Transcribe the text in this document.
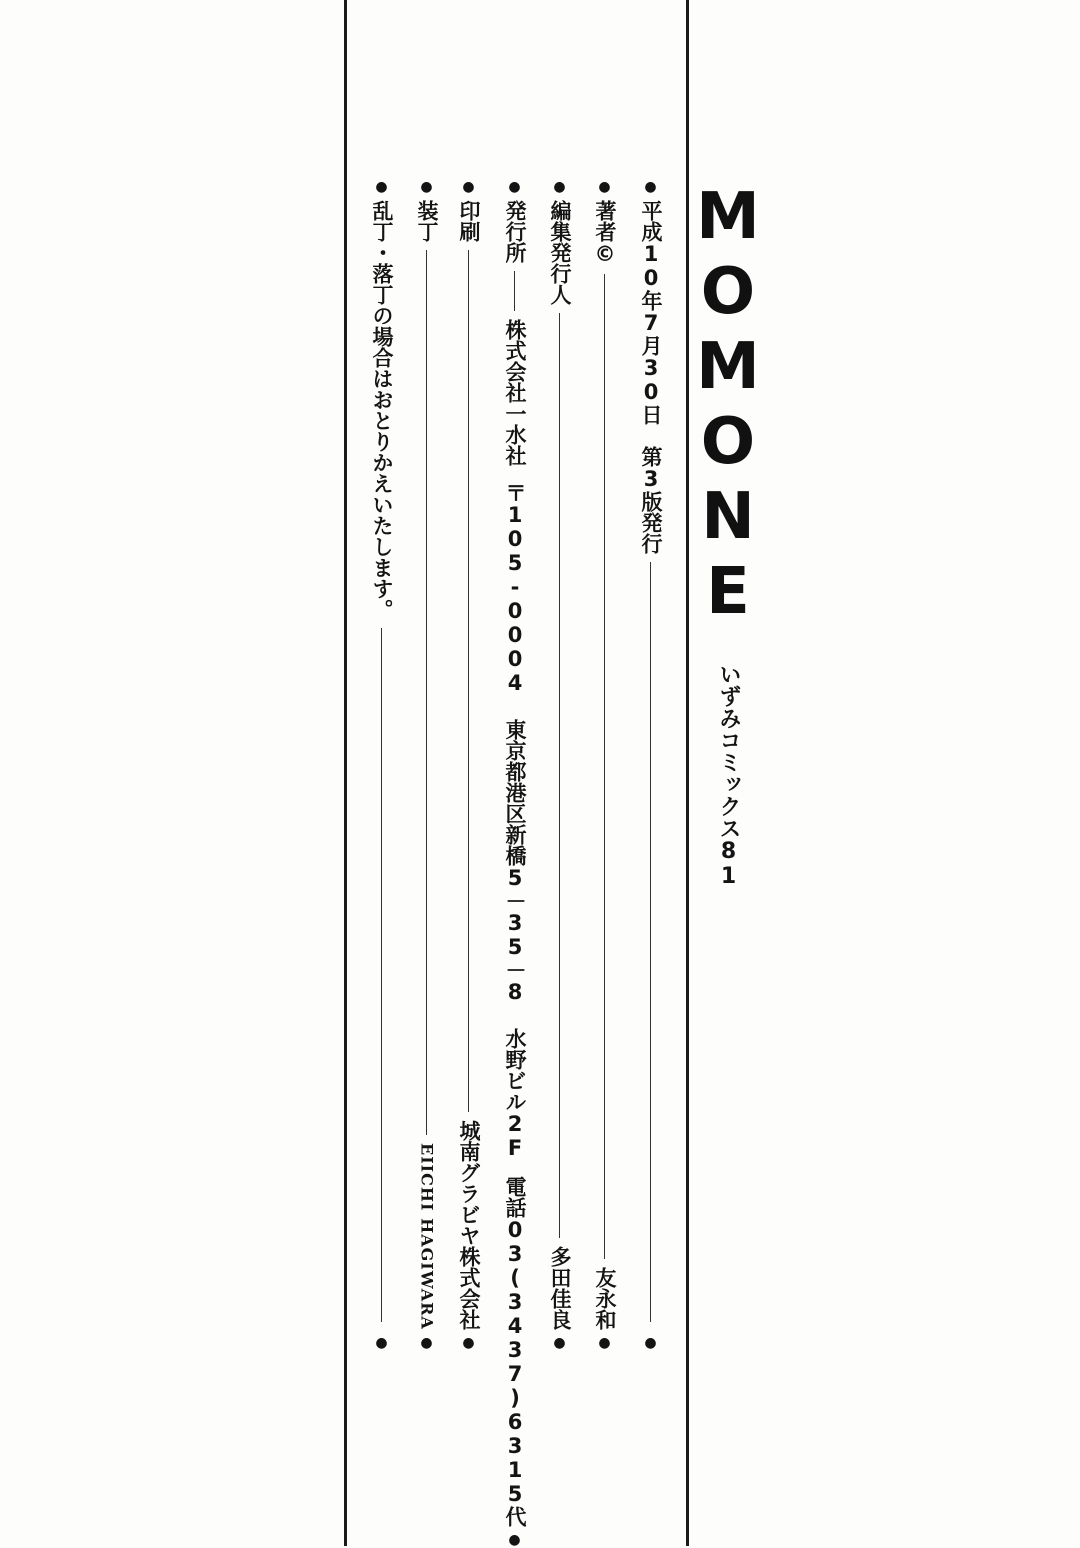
MOMONE いずみコミックス81
●
平成10年7月30日　第3版発行
●
●
著者©
友永和
●
●
編集発行人
多田佳良
●
●
発行所
株式会社一水社
〒105-0004 東京都港区新橋5－35－8 水野ビル2F
電話03(3437)6315代
●
●
印刷
城南グラビヤ株式会社
●
●
装丁
EIICHI HAGIWARA
●
●
乱丁・落丁の場合はおとりかえいたします。
●
